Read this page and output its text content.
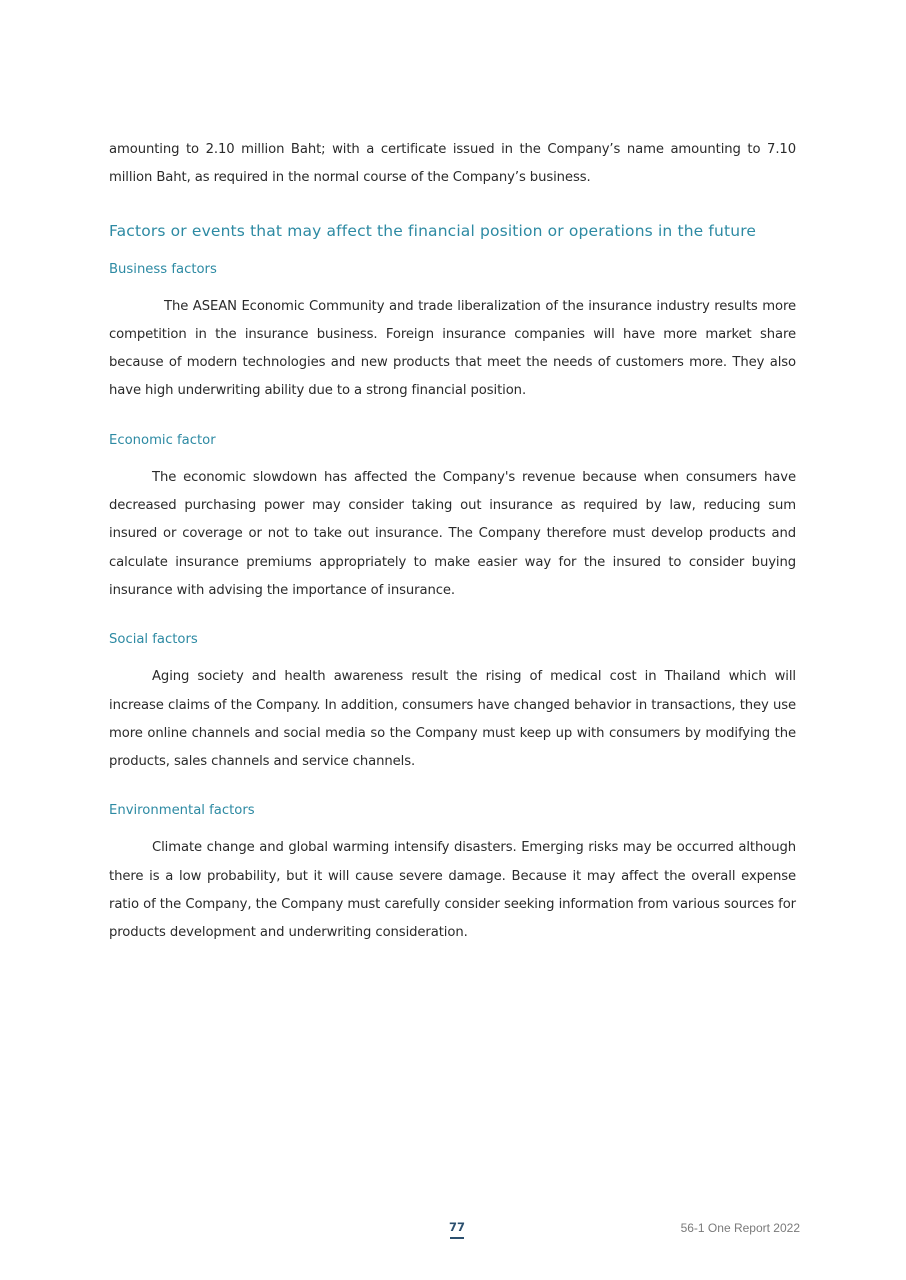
amounting to 2.10 million Baht; with a certificate issued in the Company’s name amounting to 7.10 million Baht, as required in the normal course of the Company’s business.

Factors or events that may affect the financial position or operations in the future
Business factors

The ASEAN Economic Community and trade liberalization of the insurance industry results more competition in the insurance business. Foreign insurance companies will have more market share because of modern technologies and new products that meet the needs of customers more. They also have high underwriting ability due to a strong financial position.

Economic factor

The economic slowdown has affected the Company's revenue because when consumers have decreased purchasing power may consider taking out insurance as required by law, reducing sum insured or coverage or not to take out insurance. The Company therefore must develop products and calculate insurance premiums appropriately to make easier way for the insured to consider buying insurance with advising the importance of insurance.

Social factors

Aging society and health awareness result the rising of medical cost in Thailand which will increase claims of the Company. In addition, consumers have changed behavior in transactions, they use more online channels and social media so the Company must keep up with consumers by modifying the products, sales channels and service channels.

Environmental factors

Climate change and global warming intensify disasters. Emerging risks may be occurred although there is a low probability, but it will cause severe damage. Because it may affect the overall expense ratio of the Company, the Company must carefully consider seeking information from various sources for products development and underwriting consideration.

77	56-1 One Report 2022
